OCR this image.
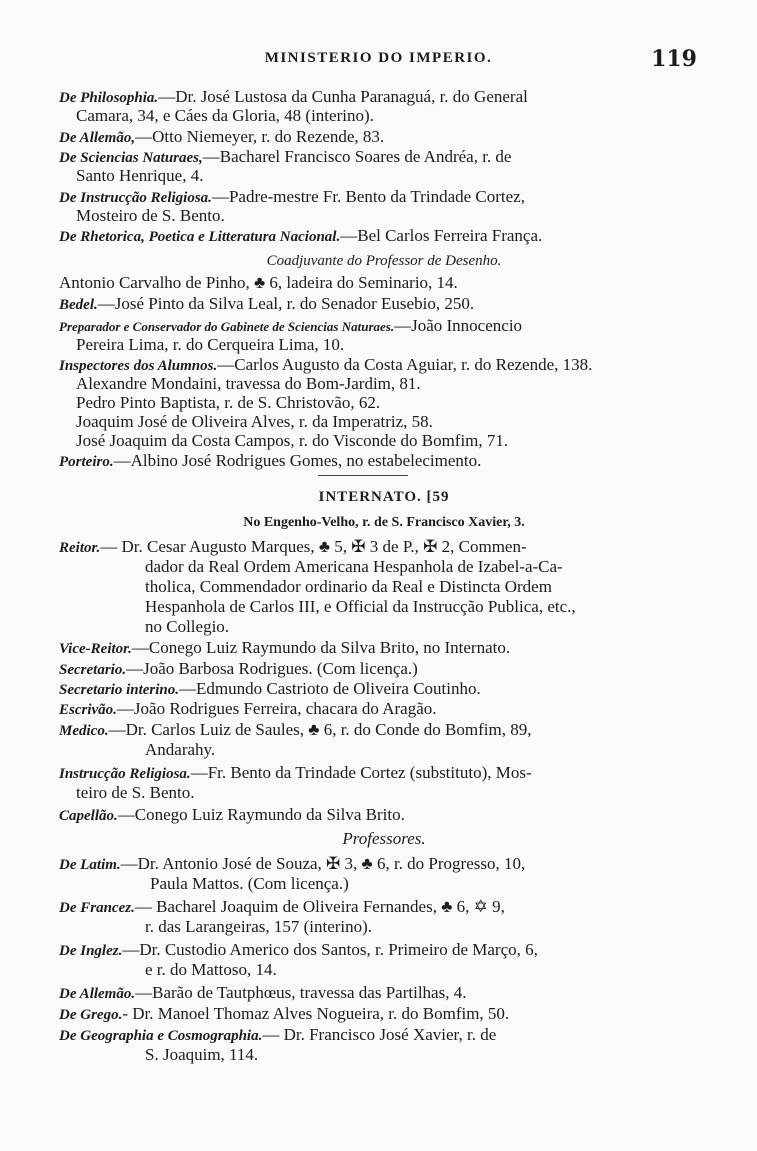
MINISTERIO DO IMPERIO.	119
De Philosophia.—Dr. José Lustosa da Cunha Paranaguá, r. do General
Camara, 34, e Cáes da Gloria, 48 (interino).
De Allemão,—Otto Niemeyer, r. do Rezende, 83.
De Sciencias Naturaes,—Bacharel Francisco Soares de Andréa, r. de
Santo Henrique, 4.
De Instrucção Religiosa.—Padre-mestre Fr. Bento da Trindade Cortez,
Mosteiro de S. Bento.
De Rhetorica, Poetica e Litteratura Nacional.—Bel Carlos Ferreira França.
Coadjuvante do Professor de Desenho.
Antonio Carvalho de Pinho, ♣ 6, ladeira do Seminario, 14.
Bedel.—José Pinto da Silva Leal, r. do Senador Eusebio, 250.
Preparador e Conservador do Gabinete de Sciencias Naturaes.—João Innocencio
Pereira Lima, r. do Cerqueira Lima, 10.
Inspectores dos Alumnos.—Carlos Augusto da Costa Aguiar, r. do Rezende, 138.
Alexandre Mondaini, travessa do Bom-Jardim, 81.
Pedro Pinto Baptista, r. de S. Christovão, 62.
Joaquim José de Oliveira Alves, r. da Imperatriz, 58.
José Joaquim da Costa Campos, r. do Visconde do Bomfim, 71.
Porteiro.—Albino José Rodrigues Gomes, no estabelecimento.
INTERNATO. [59
No Engenho-Velho, r. de S. Francisco Xavier, 3.
Reitor.— Dr. Cesar Augusto Marques, ♣ 5, ✠ 3 de P., ✠ 2, Commen-
dador da Real Ordem Americana Hespanhola de Izabel-a-Ca-
tholica, Commendador ordinario da Real e Distincta Ordem
Hespanhola de Carlos III, e Official da Instrucção Publica, etc.,
no Collegio.
Vice-Reitor.—Conego Luiz Raymundo da Silva Brito, no Internato.
Secretario.—João Barbosa Rodrigues. (Com licença.)
Secretario interino.—Edmundo Castrioto de Oliveira Coutinho.
Escrivão.—João Rodrigues Ferreira, chacara do Aragão.
Medico.—Dr. Carlos Luiz de Saules, ♣ 6, r. do Conde do Bomfim, 89,
Andarahy.
Instrucção Religiosa.—Fr. Bento da Trindade Cortez (substituto), Mos-
teiro de S. Bento.
Capellão.—Conego Luiz Raymundo da Silva Brito.
Professores.
De Latim.—Dr. Antonio José de Souza, ✠ 3, ♣ 6, r. do Progresso, 10,
Paula Mattos. (Com licença.)
De Francez.— Bacharel Joaquim de Oliveira Fernandes, ♣ 6, ✡ 9,
r. das Larangeiras, 157 (interino).
De Inglez.—Dr. Custodio Americo dos Santos, r. Primeiro de Março, 6,
e r. do Mattoso, 14.
De Allemão.—Barão de Tautphœus, travessa das Partilhas, 4.
De Grego.- Dr. Manoel Thomaz Alves Nogueira, r. do Bomfim, 50.
De Geographia e Cosmographia.— Dr. Francisco José Xavier, r. de
S. Joaquim, 114.
